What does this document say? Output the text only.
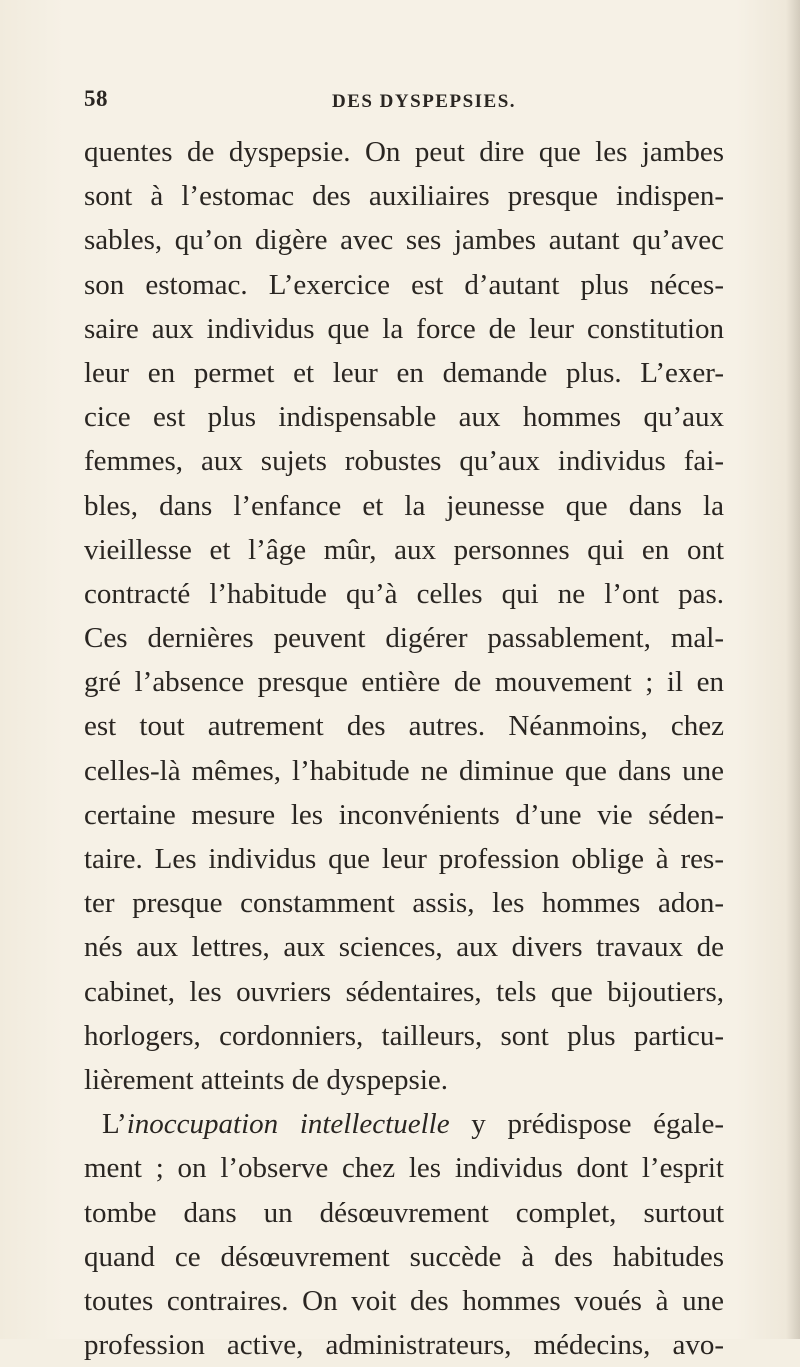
58	DES DYSPEPSIES.
quentes de dyspepsie. On peut dire que les jambes
sont à l’estomac des auxiliaires presque indispen-
sables, qu’on digère avec ses jambes autant qu’avec
son estomac. L’exercice est d’autant plus néces-
saire aux individus que la force de leur constitution
leur en permet et leur en demande plus. L’exer-
cice est plus indispensable aux hommes qu’aux
femmes, aux sujets robustes qu’aux individus fai-
bles, dans l’enfance et la jeunesse que dans la
vieillesse et l’âge mûr, aux personnes qui en ont
contracté l’habitude qu’à celles qui ne l’ont pas.
Ces dernières peuvent digérer passablement, mal-
gré l’absence presque entière de mouvement ; il en
est tout autrement des autres. Néanmoins, chez
celles-là mêmes, l’habitude ne diminue que dans une
certaine mesure les inconvénients d’une vie séden-
taire. Les individus que leur profession oblige à res-
ter presque constamment assis, les hommes adon-
nés aux lettres, aux sciences, aux divers travaux de
cabinet, les ouvriers sédentaires, tels que bijoutiers,
horlogers, cordonniers, tailleurs, sont plus particu-
lièrement atteints de dyspepsie.
L’inoccupation intellectuelle y prédispose égale-
ment ; on l’observe chez les individus dont l’esprit
tombe dans un désœuvrement complet, surtout
quand ce désœuvrement succède à des habitudes
toutes contraires. On voit des hommes voués à une
profession active, administrateurs, médecins, avo-
